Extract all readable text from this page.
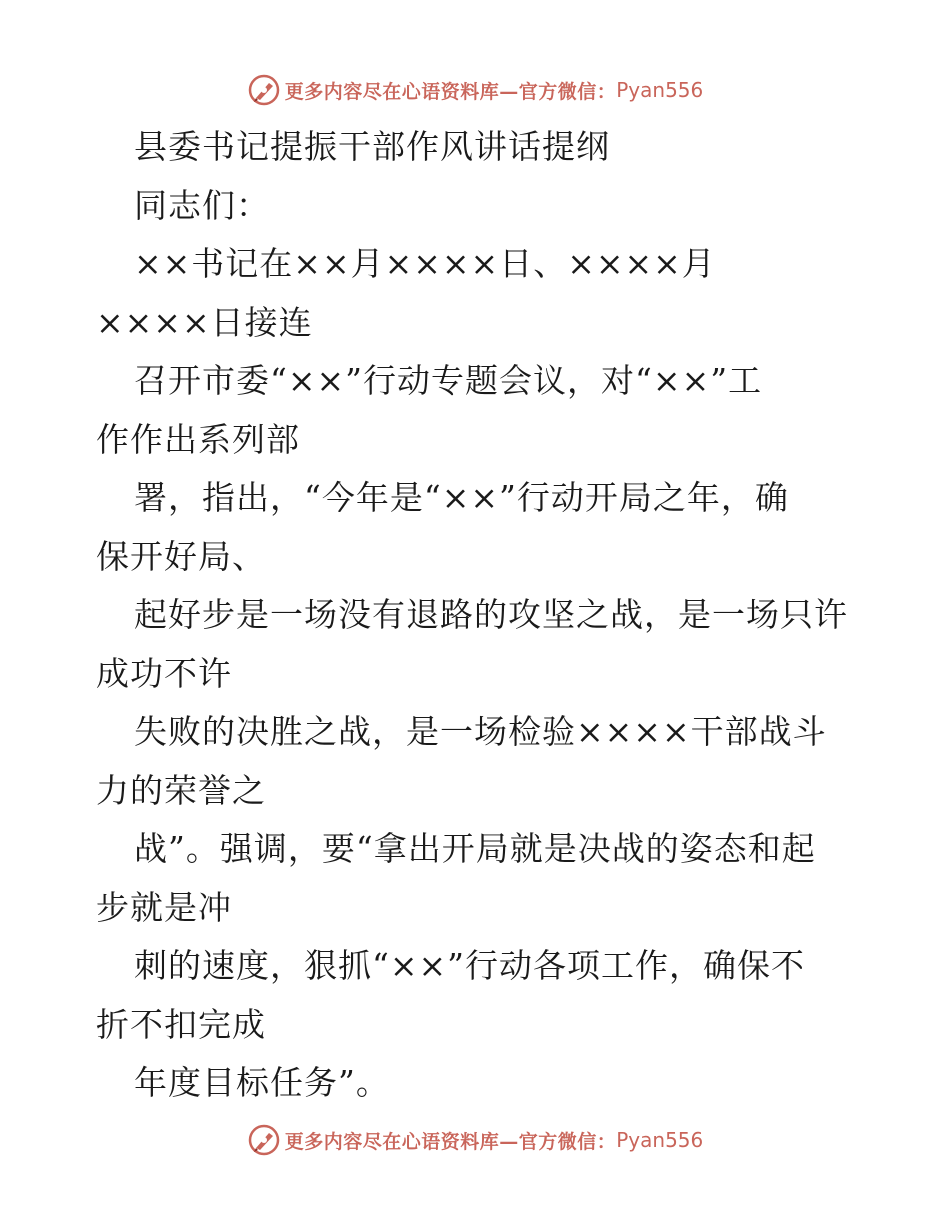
更多内容尽在心语资料库—官方微信： Pyan556
县委书记提振干部作风讲话提纲
同志们：
××书记在××月××××日、××××月
××××日接连
召开市委“××”行动专题会议，对“××”工
作作出系列部
署，指出，“今年是“××”行动开局之年，确
保开好局、
起好步是一场没有退路的攻坚之战，是一场只许
成功不许
失败的决胜之战，是一场检验××××干部战斗
力的荣誉之
战”。强调，要“拿出开局就是决战的姿态和起
步就是冲
刺的速度，狠抓“××”行动各项工作，确保不
折不扣完成
年度目标任务”。
更多内容尽在心语资料库—官方微信： Pyan556
